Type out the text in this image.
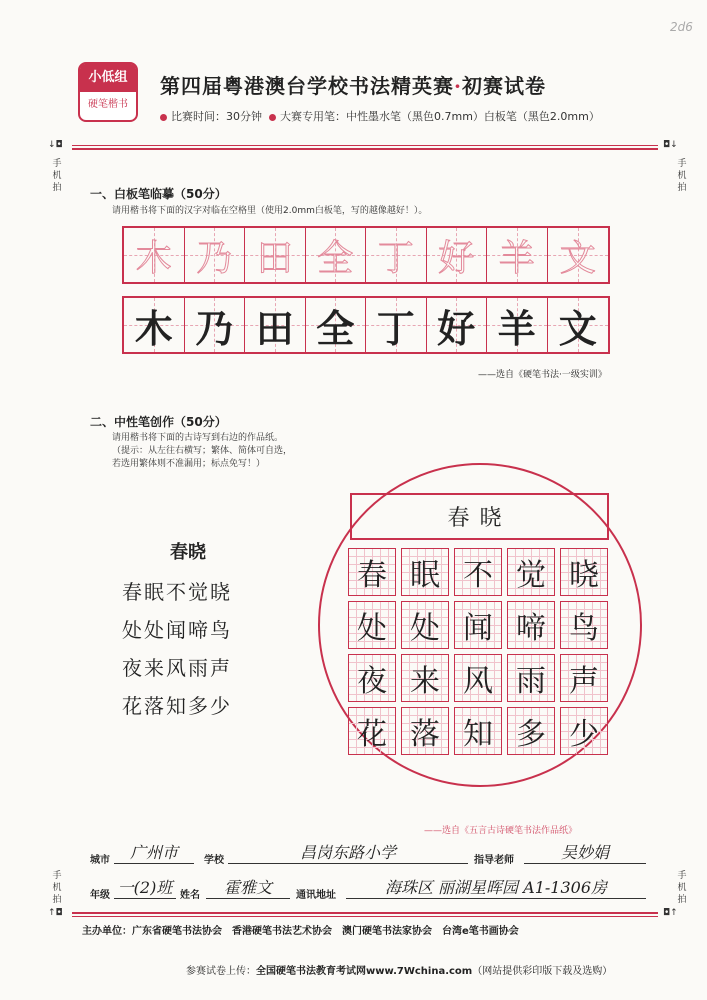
2d6
小低组
硬笔楷书
第四届粤港澳台学校书法精英赛·初赛试卷
比赛时间：30分钟 大赛专用笔：中性墨水笔（黑色0.7mm）白板笔（黑色2.0mm）
↓◘	◘↓
手机拍
手机拍
一、白板笔临摹（50分）
请用楷书将下面的汉字对临在空格里（使用2.0mm白板笔，写的越像越好！）。
木 乃 田 全 丁 好 羊 文
木 乃 田 全 丁 好 羊 文
——选自《硬笔书法·一级实训》
二、中性笔创作（50分）
请用楷书将下面的古诗写到右边的作品纸。
（提示：从左往右横写；繁体、简体可自选，
若选用繁体则不准漏用；标点免写！）
春晓
春眠不觉晓
处处闻啼鸟
夜来风雨声
花落知多少
春晓
春 眠 不 觉 晓
处 处 闻 啼 鸟
夜 来 风 雨 声
花 落 知 多 少
——选自《五言古诗硬笔书法作品纸》
城市	广州市	学校	昌岗东路小学	指导老师	吴妙娟
年级 一(2)班 姓名	霍雅文	通讯地址	海珠区 丽湖星晖园 A1-1306房
↑◘	◘↑
手机拍
手机拍
主办单位：广东省硬笔书法协会　香港硬笔书法艺术协会　澳门硬笔书法家协会　台湾e笔书画协会
参赛试卷上传：全国硬笔书法教育考试网www.7Wchina.com（网站提供彩印版下载及选购）
